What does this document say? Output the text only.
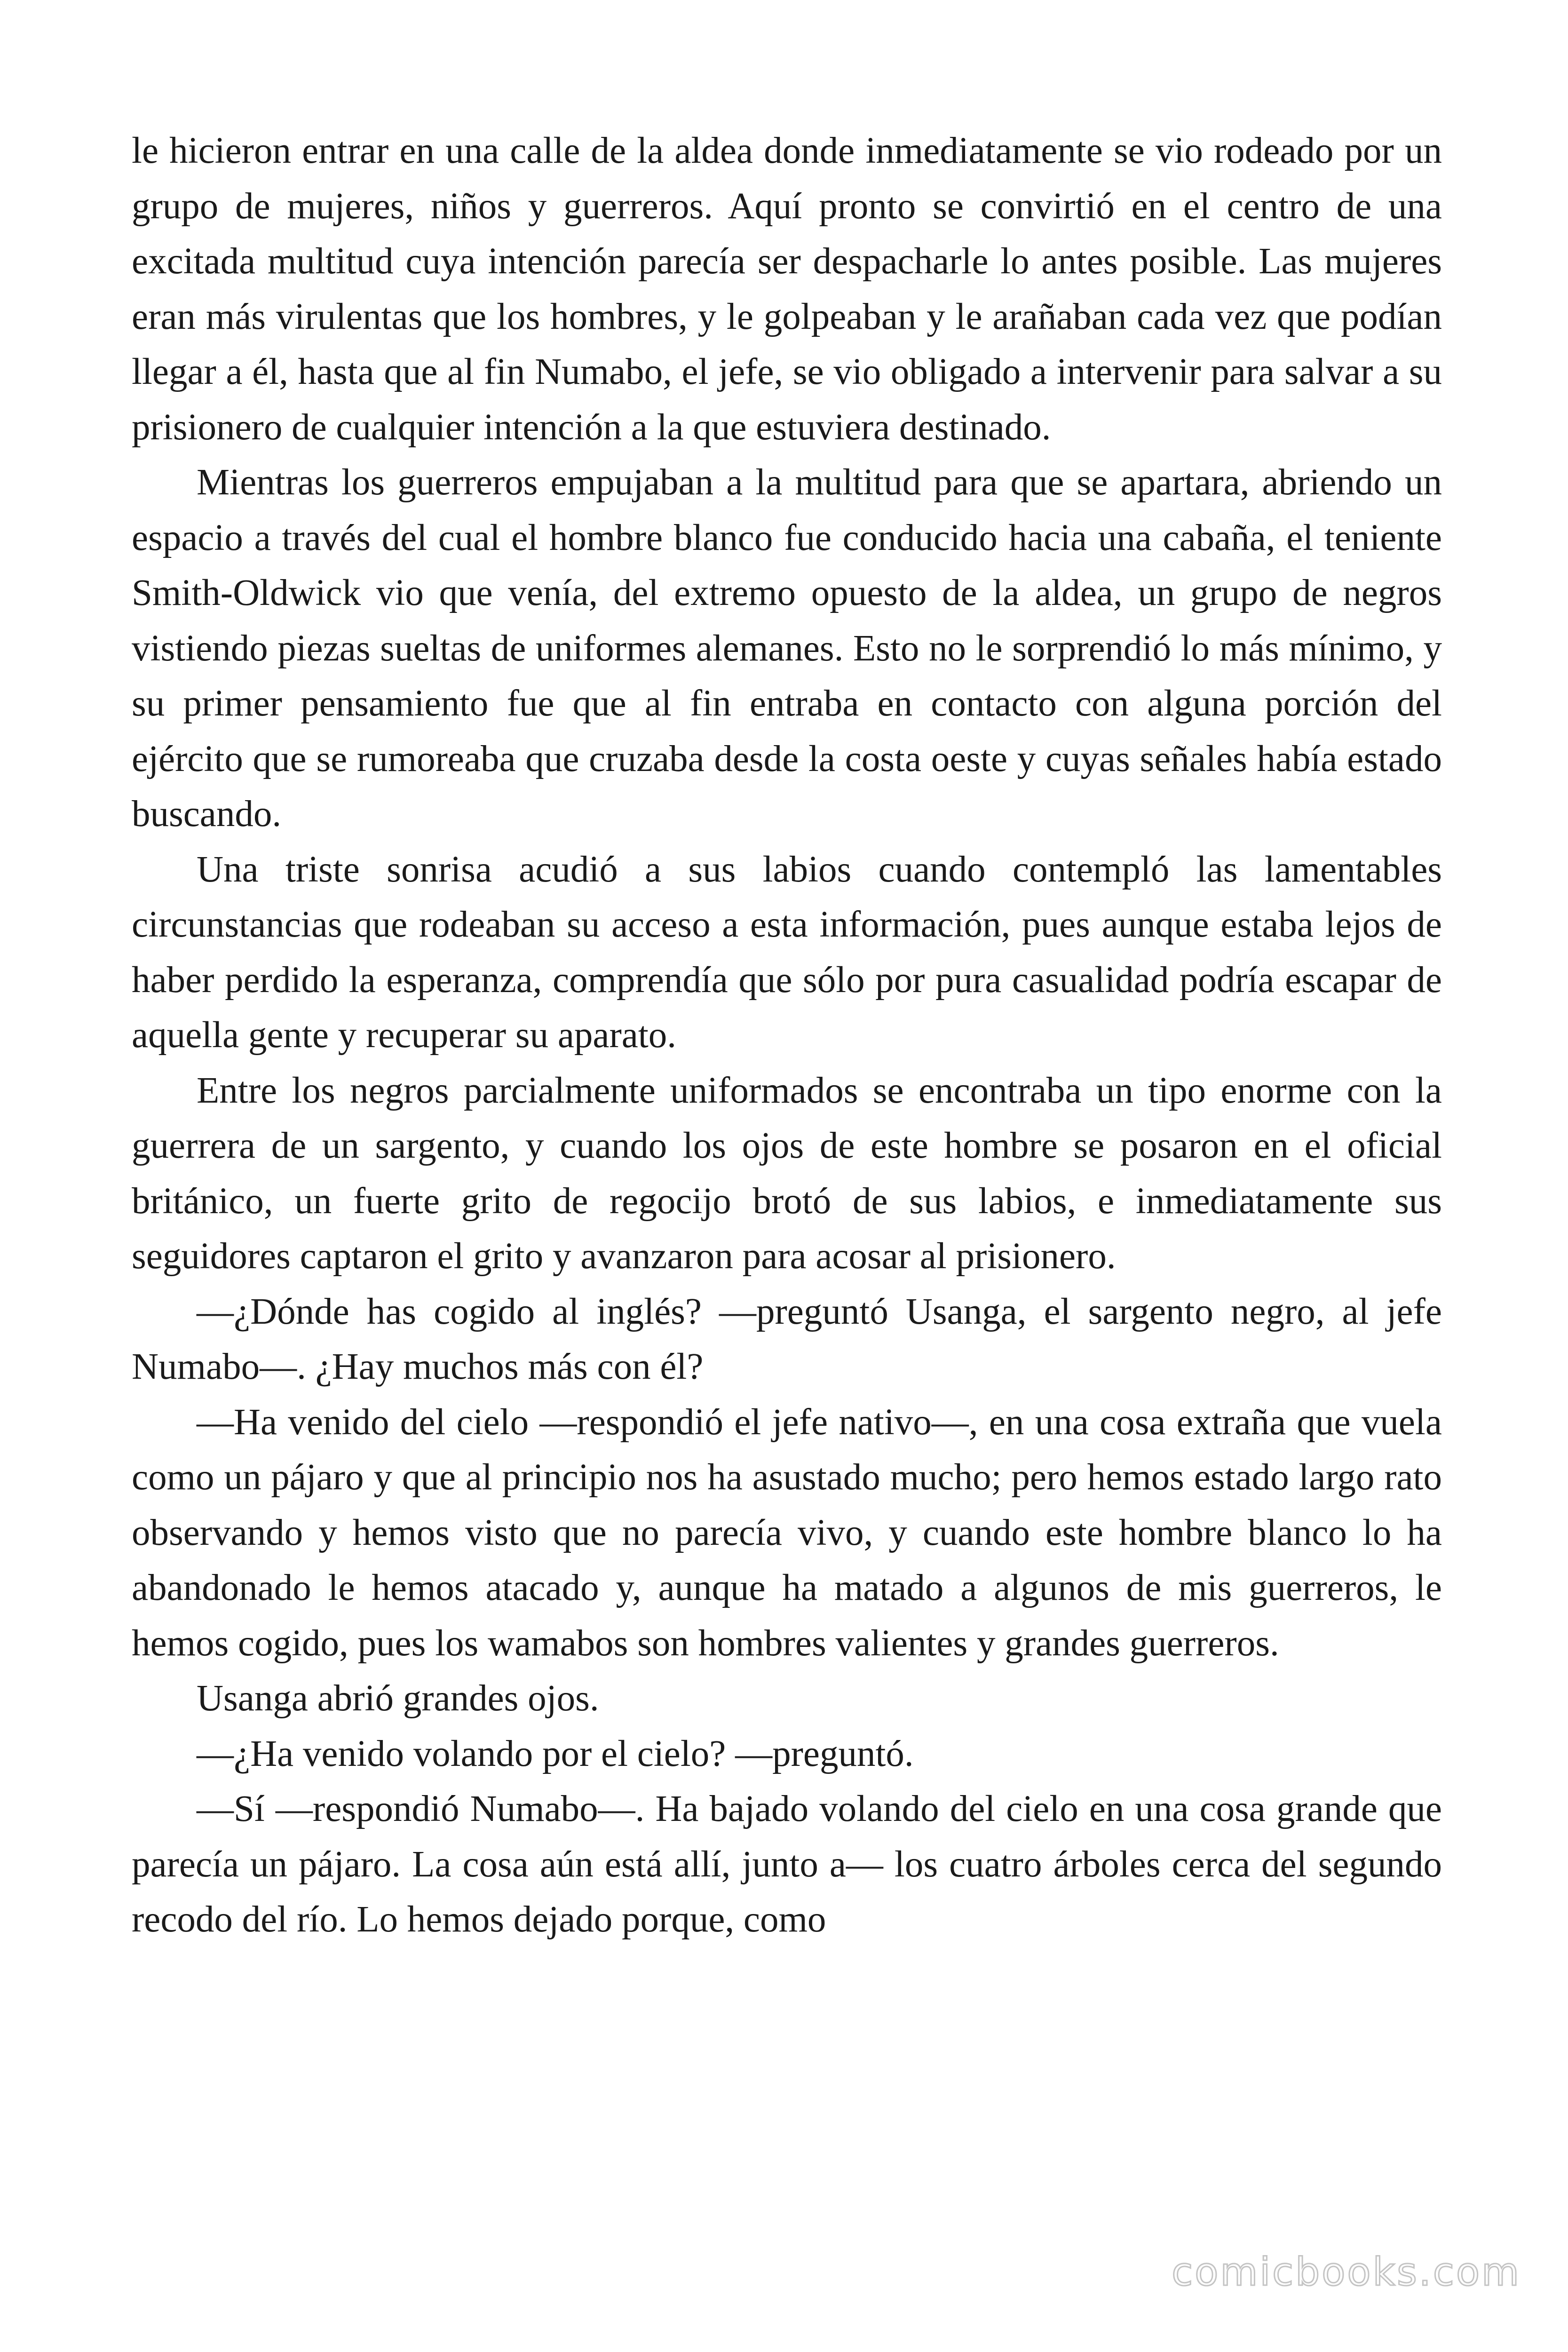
le hicieron entrar en una calle de la aldea donde inmediatamente se vio rodeado por un grupo de mujeres, niños y guerreros. Aquí pronto se convirtió en el centro de una excitada multitud cuya intención parecía ser despacharle lo antes posible. Las mujeres eran más virulentas que los hombres, y le golpeaban y le arañaban cada vez que podían llegar a él, hasta que al fin Numabo, el jefe, se vio obligado a intervenir para salvar a su prisionero de cualquier intención a la que estuviera destinado.

Mientras los guerreros empujaban a la multitud para que se apartara, abriendo un espacio a través del cual el hombre blanco fue conducido hacia una cabaña, el teniente Smith-Oldwick vio que venía, del extremo opuesto de la aldea, un grupo de negros vistiendo piezas sueltas de uniformes alemanes. Esto no le sorprendió lo más mínimo, y su primer pensamiento fue que al fin entraba en contacto con alguna porción del ejército que se rumoreaba que cruzaba desde la costa oeste y cuyas señales había estado buscando.

Una triste sonrisa acudió a sus labios cuando contempló las lamentables circunstancias que rodeaban su acceso a esta información, pues aunque estaba lejos de haber perdido la esperanza, comprendía que sólo por pura casualidad podría escapar de aquella gente y recuperar su aparato.

Entre los negros parcialmente uniformados se encontraba un tipo enorme con la guerrera de un sargento, y cuando los ojos de este hombre se posaron en el oficial británico, un fuerte grito de regocijo brotó de sus labios, e inmediatamente sus seguidores captaron el grito y avanzaron para acosar al prisionero.

—¿Dónde has cogido al inglés? —preguntó Usanga, el sargento negro, al jefe Numabo—. ¿Hay muchos más con él?

—Ha venido del cielo —respondió el jefe nativo—, en una cosa extraña que vuela como un pájaro y que al principio nos ha asustado mucho; pero hemos estado largo rato observando y hemos visto que no parecía vivo, y cuando este hombre blanco lo ha abandonado le hemos atacado y, aunque ha matado a algunos de mis guerreros, le hemos cogido, pues los wamabos son hombres valientes y grandes guerreros.

Usanga abrió grandes ojos.

—¿Ha venido volando por el cielo? —preguntó.

—Sí —respondió Numabo—. Ha bajado volando del cielo en una cosa grande que parecía un pájaro. La cosa aún está allí, junto a— los cuatro árboles cerca del segundo recodo del río. Lo hemos dejado porque, como

comicbooks.com
